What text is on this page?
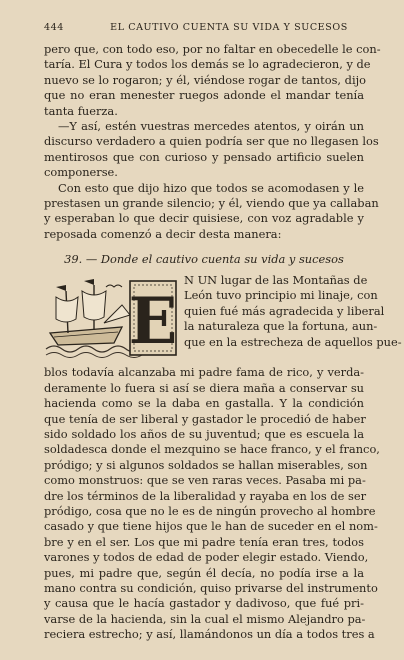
444	EL CAUTIVO CUENTA SU VIDA Y SUCESOS
pero que, con todo eso, por no faltar en obecedelle le con-
taría. El Cura y todos los demás se lo agradecieron, y de
nuevo se lo rogaron; y él, viéndose rogar de tantos, dijo
que no eran menester ruegos adonde el mandar tenía
tanta fuerza.
—Y así, estén vuestras mercedes atentos, y oirán un
discurso verdadero a quien podría ser que no llegasen los
mentirosos que con curioso y pensado artificio suelen
componerse.
Con esto que dijo hizo que todos se acomodasen y le
prestasen un grande silencio; y él, viendo que ya callaban
y esperaban lo que decir quisiese, con voz agradable y
reposada comenzó a decir desta manera:
39. — Donde el cautivo cuenta su vida y sucesos
E
N UN lugar de las Montañas de
León tuvo principio mi linaje, con
quien fué más agradecida y liberal
la naturaleza que la fortuna, aun-
que en la estrecheza de aquellos pue-
blos todavía alcanzaba mi padre fama de rico, y verda-
deramente lo fuera si así se diera maña a conservar su
hacienda como se la daba en gastalla. Y la condición
que tenía de ser liberal y gastador le procedió de haber
sido soldado los años de su juventud; que es escuela la
soldadesca donde el mezquino se hace franco, y el franco,
pródigo; y si algunos soldados se hallan miserables, son
como monstruos: que se ven raras veces. Pasaba mi pa-
dre los términos de la liberalidad y rayaba en los de ser
pródigo, cosa que no le es de ningún provecho al hombre
casado y que tiene hijos que le han de suceder en el nom-
bre y en el ser. Los que mi padre tenía eran tres, todos
varones y todos de edad de poder elegir estado. Viendo,
pues, mi padre que, según él decía, no podía irse a la
mano contra su condición, quiso privarse del instrumento
y causa que le hacía gastador y dadivoso, que fué pri-
varse de la hacienda, sin la cual el mismo Alejandro pa-
reciera estrecho; y así, llamándonos un día a todos tres a
